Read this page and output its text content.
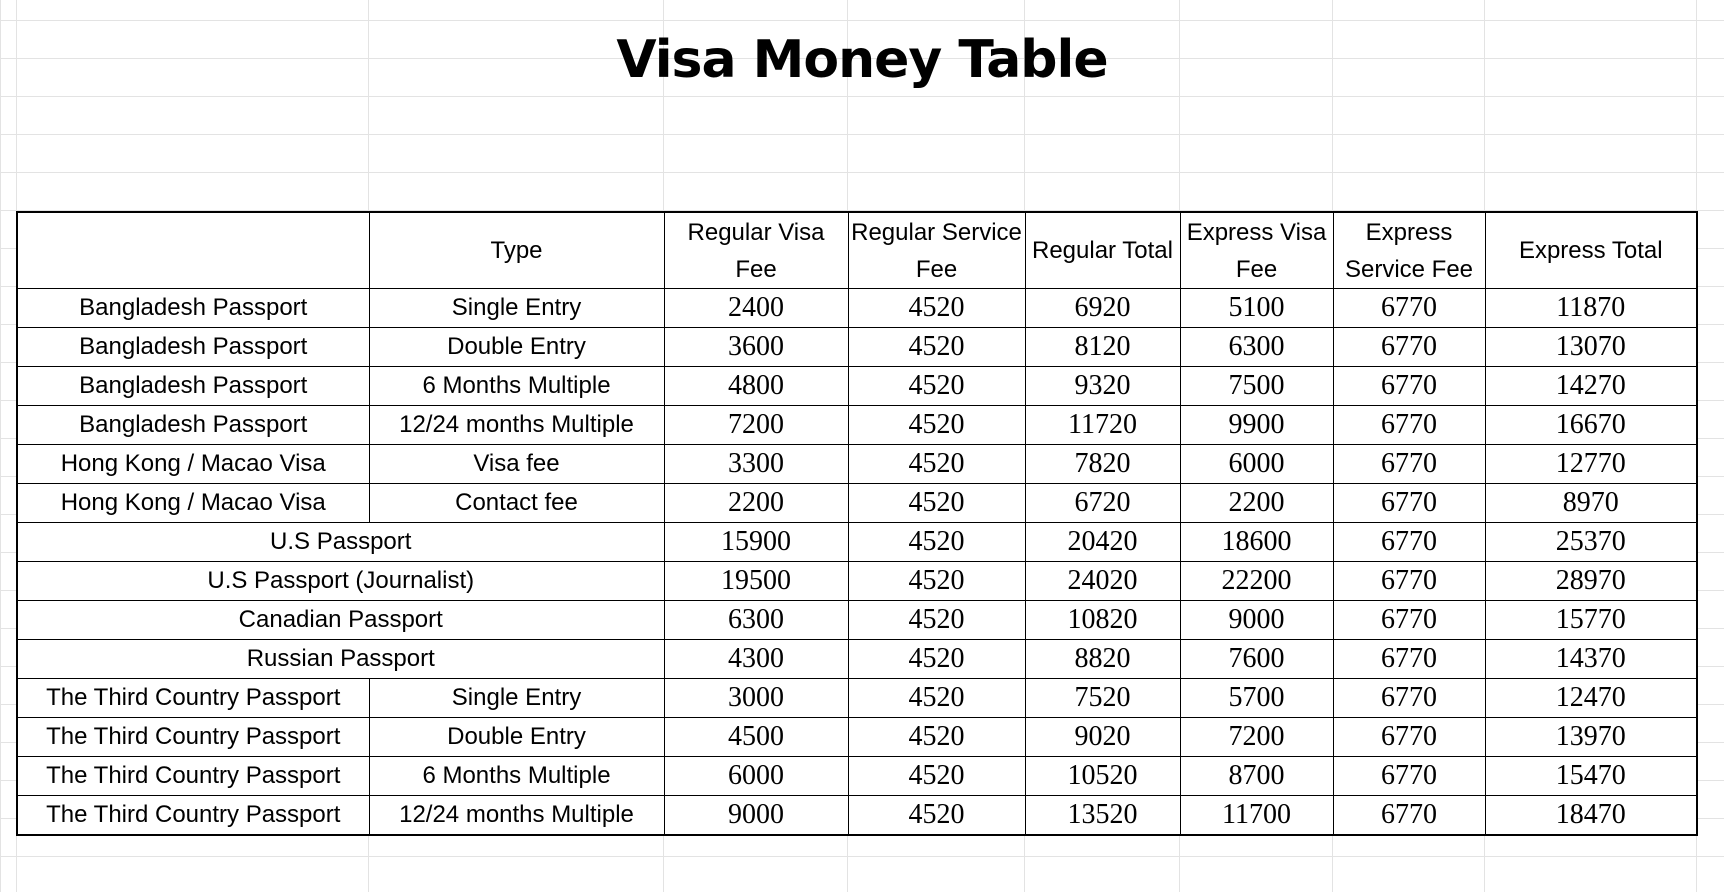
Visa Money Table
	Type	Regular Visa Fee	Regular Service Fee	Regular Total	Express Visa Fee	Express Service Fee	Express Total
Bangladesh Passport	Single Entry	2400	4520	6920	5100	6770	11870
Bangladesh Passport	Double Entry	3600	4520	8120	6300	6770	13070
Bangladesh Passport	6 Months Multiple	4800	4520	9320	7500	6770	14270
Bangladesh Passport	12/24 months Multiple	7200	4520	11720	9900	6770	16670
Hong Kong / Macao Visa	Visa fee	3300	4520	7820	6000	6770	12770
Hong Kong / Macao Visa	Contact fee	2200	4520	6720	2200	6770	8970
U.S Passport		15900	4520	20420	18600	6770	25370
U.S Passport (Journalist)		19500	4520	24020	22200	6770	28970
Canadian Passport		6300	4520	10820	9000	6770	15770
Russian Passport		4300	4520	8820	7600	6770	14370
The Third Country Passport	Single Entry	3000	4520	7520	5700	6770	12470
The Third Country Passport	Double Entry	4500	4520	9020	7200	6770	13970
The Third Country Passport	6 Months Multiple	6000	4520	10520	8700	6770	15470
The Third Country Passport	12/24 months Multiple	9000	4520	13520	11700	6770	18470
